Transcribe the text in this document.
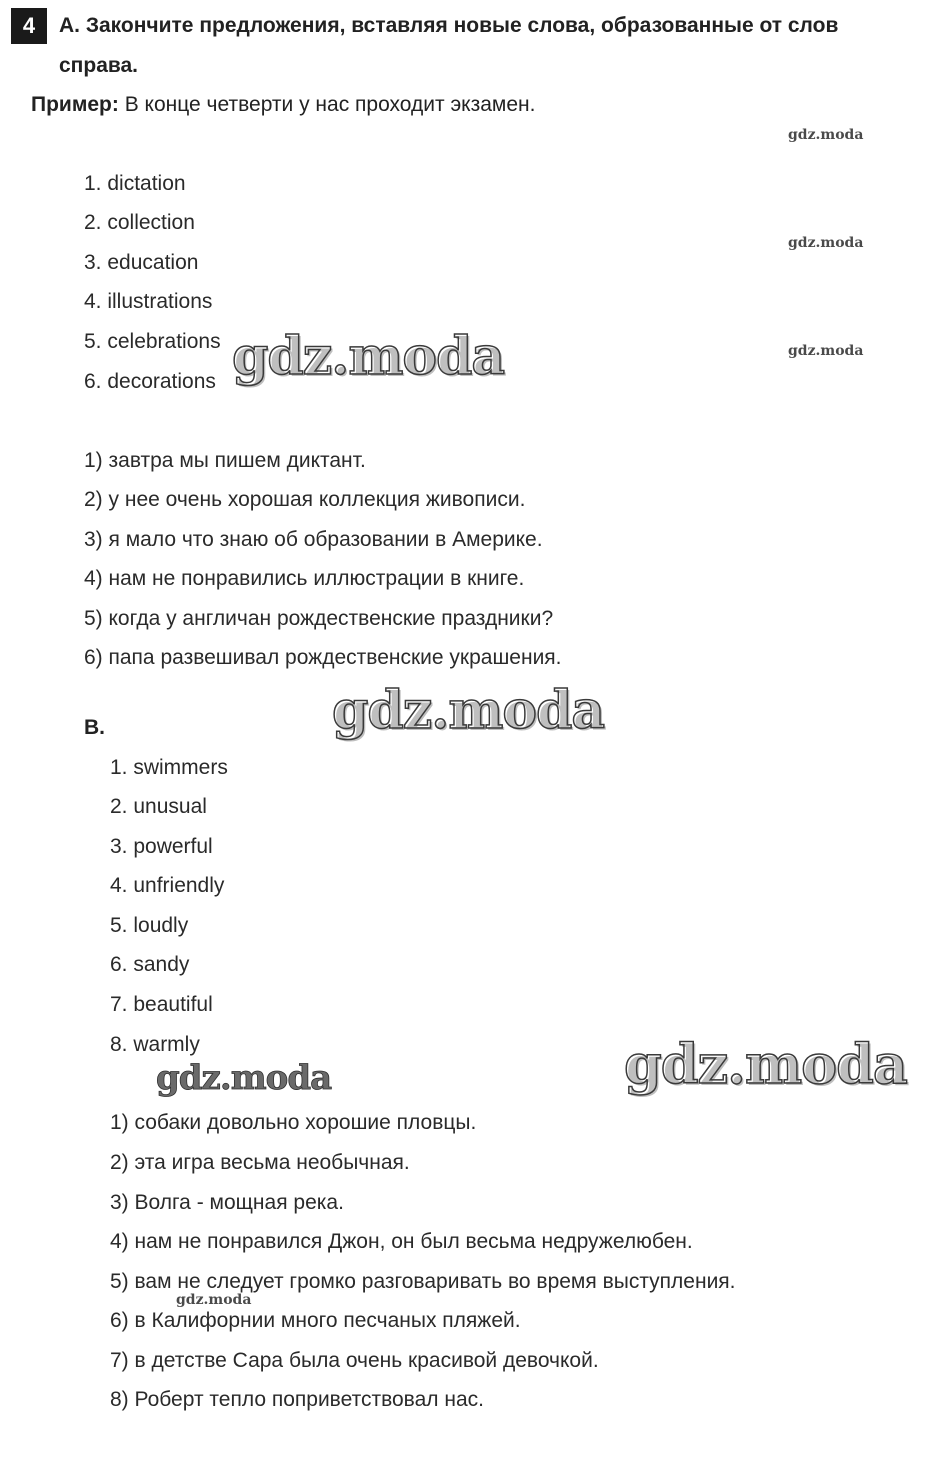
4	А. Закончите предложения, вставляя новые слова, образованные от слов
справа.
Пример: В конце четверти у нас проходит экзамен.
1. dictation
2. collection
3. education
4. illustrations
5. celebrations
6. decorations
1) завтра мы пишем диктант.
2) у нее очень хорошая коллекция живописи.
3) я мало что знаю об образовании в Америке.
4) нам не понравились иллюстрации в книге.
5) когда у англичан рождественские праздники?
6) папа развешивал рождественские украшения.
B.
1. swimmers
2. unusual
3. powerful
4. unfriendly
5. loudly
6. sandy
7. beautiful
8. warmly
1) собаки довольно хорошие пловцы.
2) эта игра весьма необычная.
3) Волга - мощная река.
4) нам не понравился Джон, он был весьма недружелюбен.
5) вам не следует громко разговаривать во время выступления.
6) в Калифорнии много песчаных пляжей.
7) в детстве Сара была очень красивой девочкой.
8) Роберт тепло поприветствовал нас.
gdz.moda
gdz.moda
gdz.moda
gdz.moda
gdz.moda
gdz.moda	gdz.moda
gdz.moda
